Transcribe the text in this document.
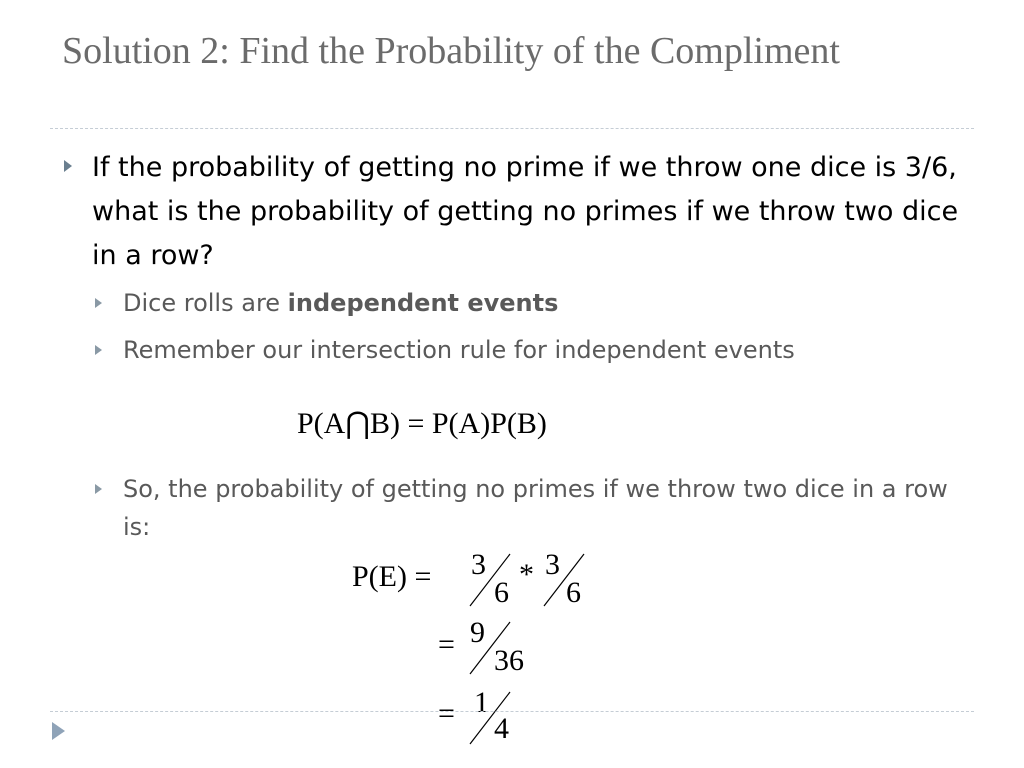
Solution 2: Find the Probability of the Compliment
If the probability of getting no prime if we throw one dice is 3/6, what is the probability of getting no primes if we throw two dice in a row?
Dice rolls are independent events
Remember our intersection rule for independent events
P(A⋂B) = P(A)P(B)
So, the probability of getting no primes if we throw two dice in a row is:
P(E) = 3
6
* 3
6
= 9
36
= 1
4
